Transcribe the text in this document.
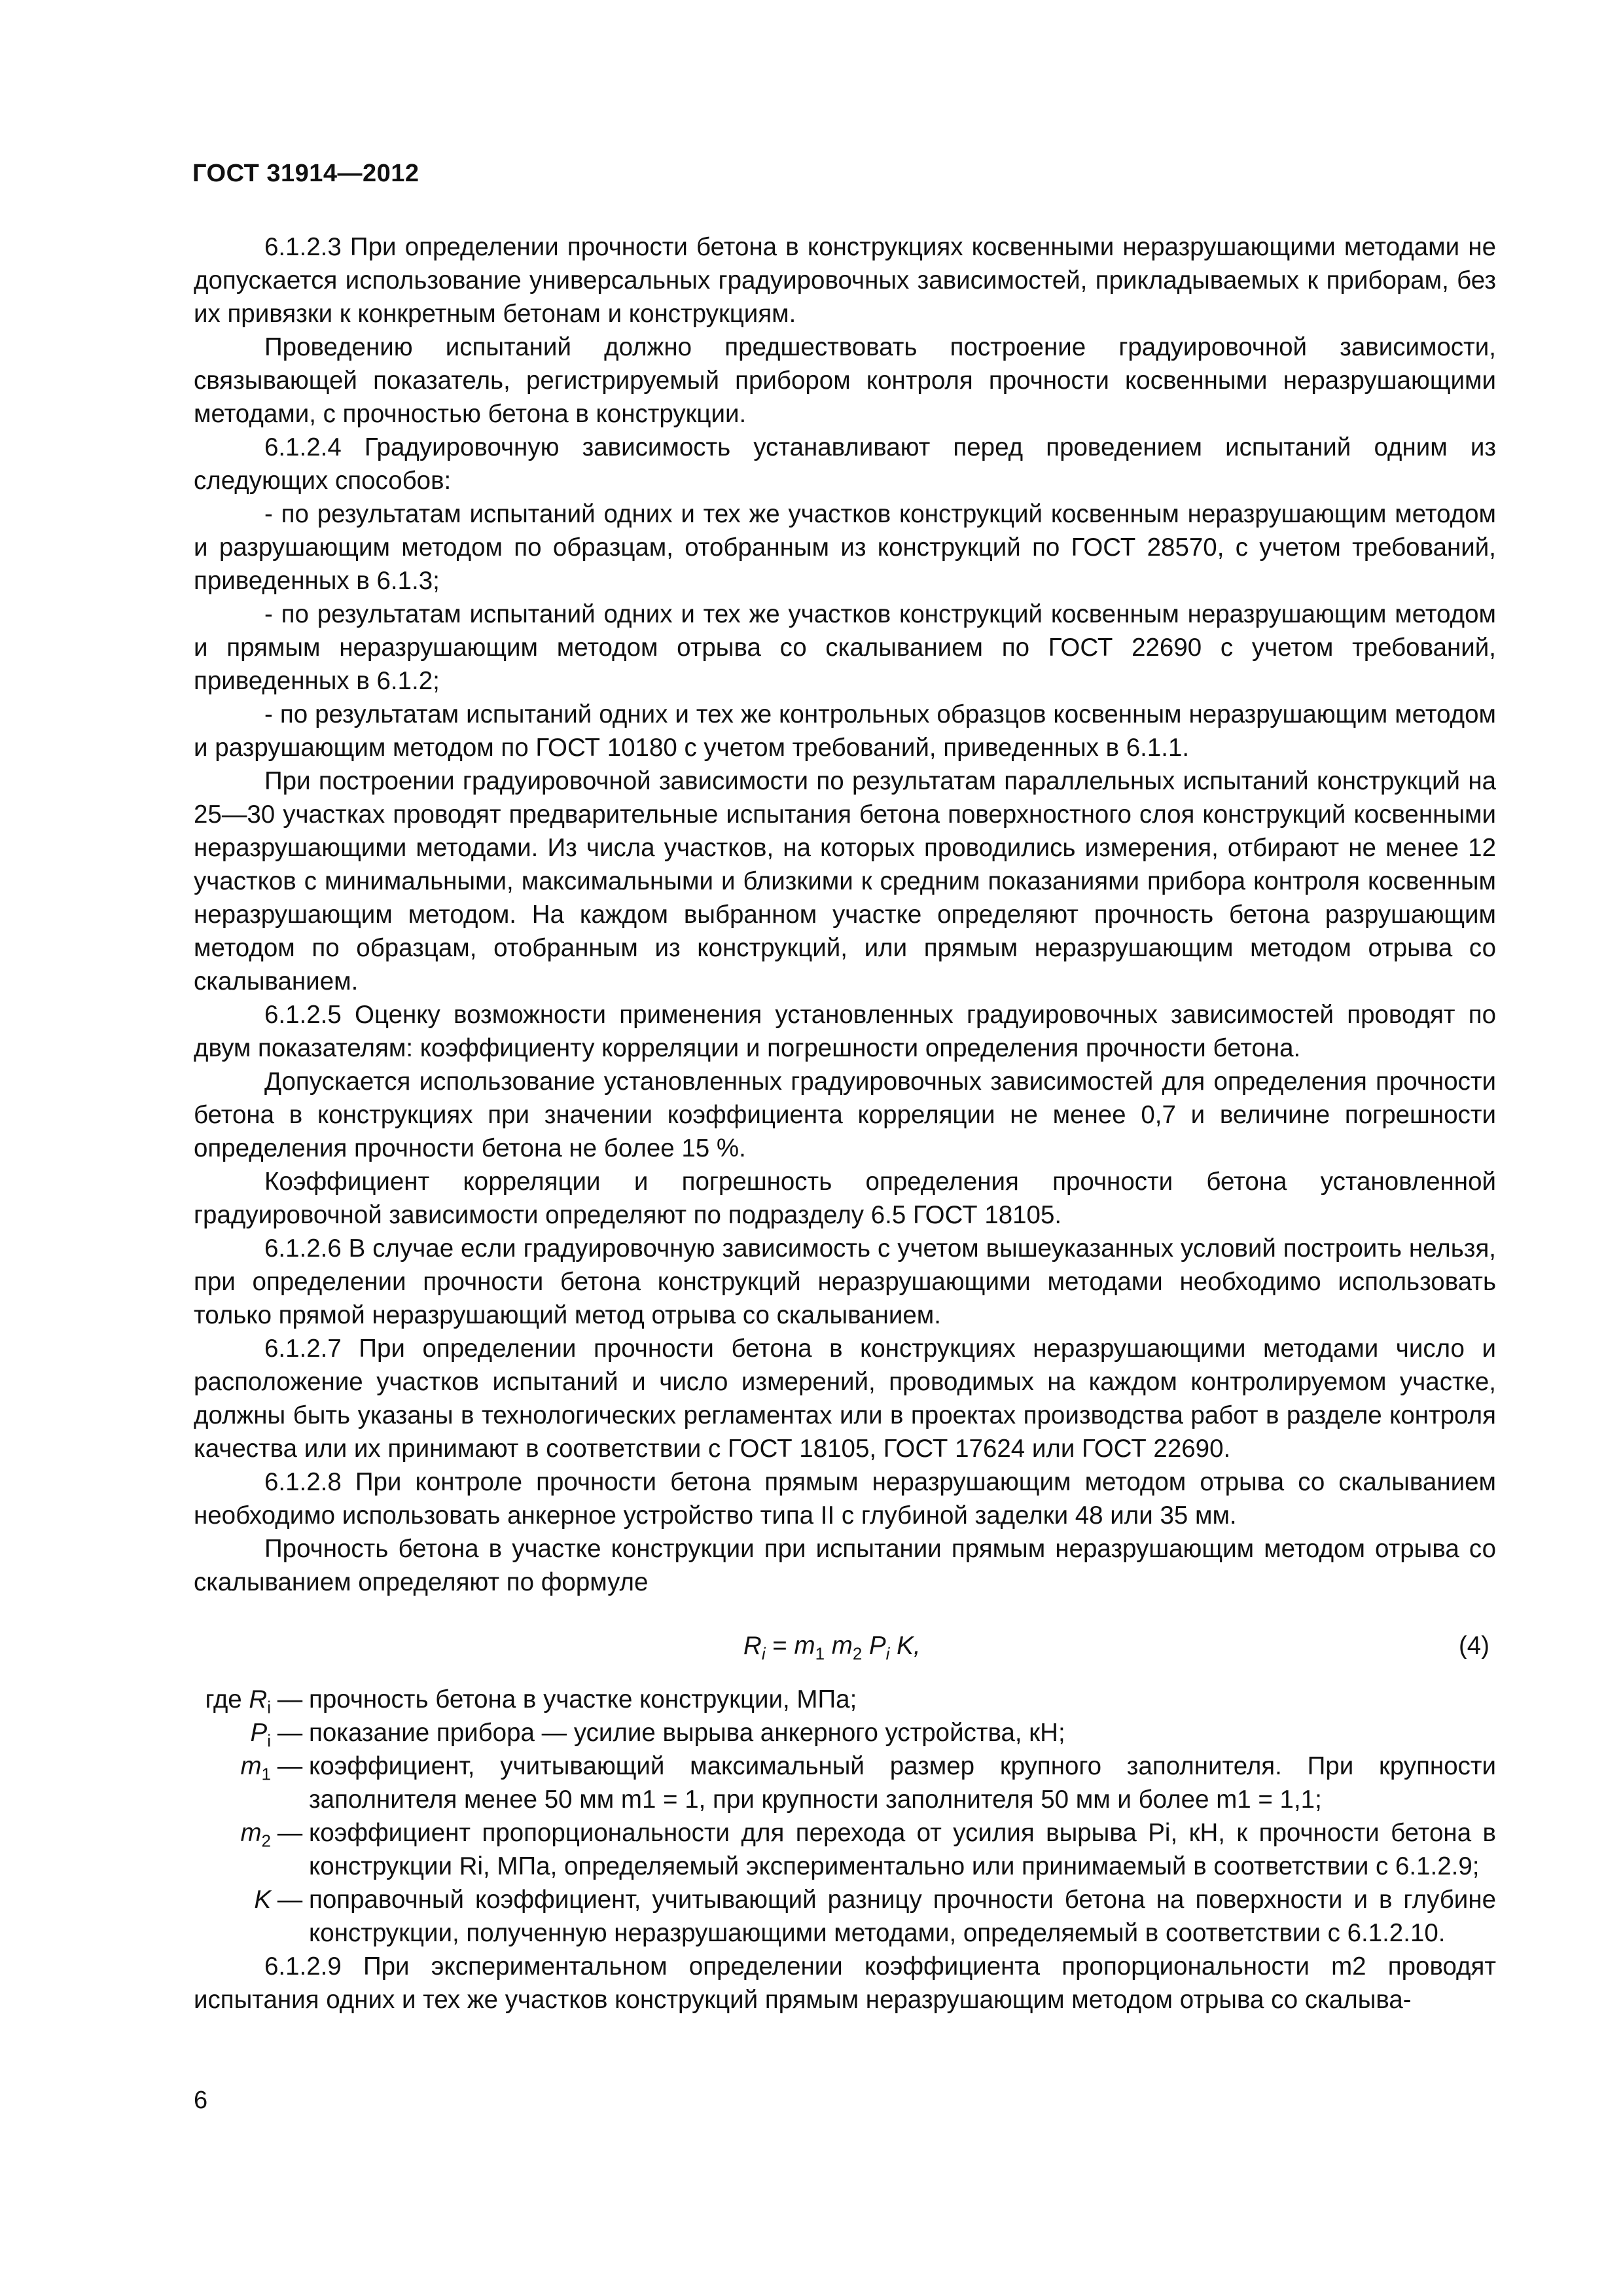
ГОСТ 31914—2012

6.1.2.3 При определении прочности бетона в конструкциях косвенными неразрушающими методами не допускается использование универсальных градуировочных зависимостей, прикладываемых к приборам, без их привязки к конкретным бетонам и конструкциям.

Проведению испытаний должно предшествовать построение градуировочной зависимости, связывающей показатель, регистрируемый прибором контроля прочности косвенными неразрушающими методами, с прочностью бетона в конструкции.

6.1.2.4 Градуировочную зависимость устанавливают перед проведением испытаний одним из следующих способов:

- по результатам испытаний одних и тех же участков конструкций косвенным неразрушающим методом и разрушающим методом по образцам, отобранным из конструкций по ГОСТ 28570, с учетом требований, приведенных в 6.1.3;

- по результатам испытаний одних и тех же участков конструкций косвенным неразрушающим методом и прямым неразрушающим методом отрыва со скалыванием по ГОСТ 22690 с учетом требований, приведенных в 6.1.2;

- по результатам испытаний одних и тех же контрольных образцов косвенным неразрушающим методом и разрушающим методом по ГОСТ 10180 с учетом требований, приведенных в 6.1.1.

При построении градуировочной зависимости по результатам параллельных испытаний конструкций на 25—30 участках проводят предварительные испытания бетона поверхностного слоя конструкций косвенными неразрушающими методами. Из числа участков, на которых проводились измерения, отбирают не менее 12 участков с минимальными, максимальными и близкими к средним показаниями прибора контроля косвенным неразрушающим методом. На каждом выбранном участке определяют прочность бетона разрушающим методом по образцам, отобранным из конструкций, или прямым неразрушающим методом отрыва со скалыванием.

6.1.2.5 Оценку возможности применения установленных градуировочных зависимостей проводят по двум показателям: коэффициенту корреляции и погрешности определения прочности бетона.

Допускается использование установленных градуировочных зависимостей для определения прочности бетона в конструкциях при значении коэффициента корреляции не менее 0,7 и величине погрешности определения прочности бетона не более 15 %.

Коэффициент корреляции и погрешность определения прочности бетона установленной градуировочной зависимости определяют по подразделу 6.5 ГОСТ 18105.

6.1.2.6 В случае если градуировочную зависимость с учетом вышеуказанных условий построить нельзя, при определении прочности бетона конструкций неразрушающими методами необходимо использовать только прямой неразрушающий метод отрыва со скалыванием.

6.1.2.7 При определении прочности бетона в конструкциях неразрушающими методами число и расположение участков испытаний и число измерений, проводимых на каждом контролируемом участке, должны быть указаны в технологических регламентах или в проектах производства работ в разделе контроля качества или их принимают в соответствии с ГОСТ 18105, ГОСТ 17624 или ГОСТ 22690.

6.1.2.8 При контроле прочности бетона прямым неразрушающим методом отрыва со скалыванием необходимо использовать анкерное устройство типа II с глубиной заделки 48 или 35 мм.

Прочность бетона в участке конструкции при испытании прямым неразрушающим методом отрыва со скалыванием определяют по формуле

$R_i = m_1$ $m_2$ $P_i$ K,	(4)
где $R_i$ — прочность бетона в участке конструкции, МПа;
$P_i$ — показание прибора — усилие вырыва анкерного устройства, кН;
$m_1$ — коэффициент, учитывающий максимальный размер крупного заполнителя. При крупности заполнителя менее 50 мм m1 = 1, при крупности заполнителя 50 мм и более m1 = 1,1;
$m_2$ — коэффициент пропорциональности для перехода от усилия вырыва Pi, кН, к прочности бетона в конструкции Ri, МПа, определяемый экспериментально или принимаемый в соответствии с 6.1.2.9;
K — поправочный коэффициент, учитывающий разницу прочности бетона на поверхности и в глубине конструкции, полученную неразрушающими методами, определяемый в соответствии с 6.1.2.10.

6.1.2.9 При экспериментальном определении коэффициента пропорциональности m2 проводят испытания одних и тех же участков конструкций прямым неразрушающим методом отрыва со скалыва-

6
